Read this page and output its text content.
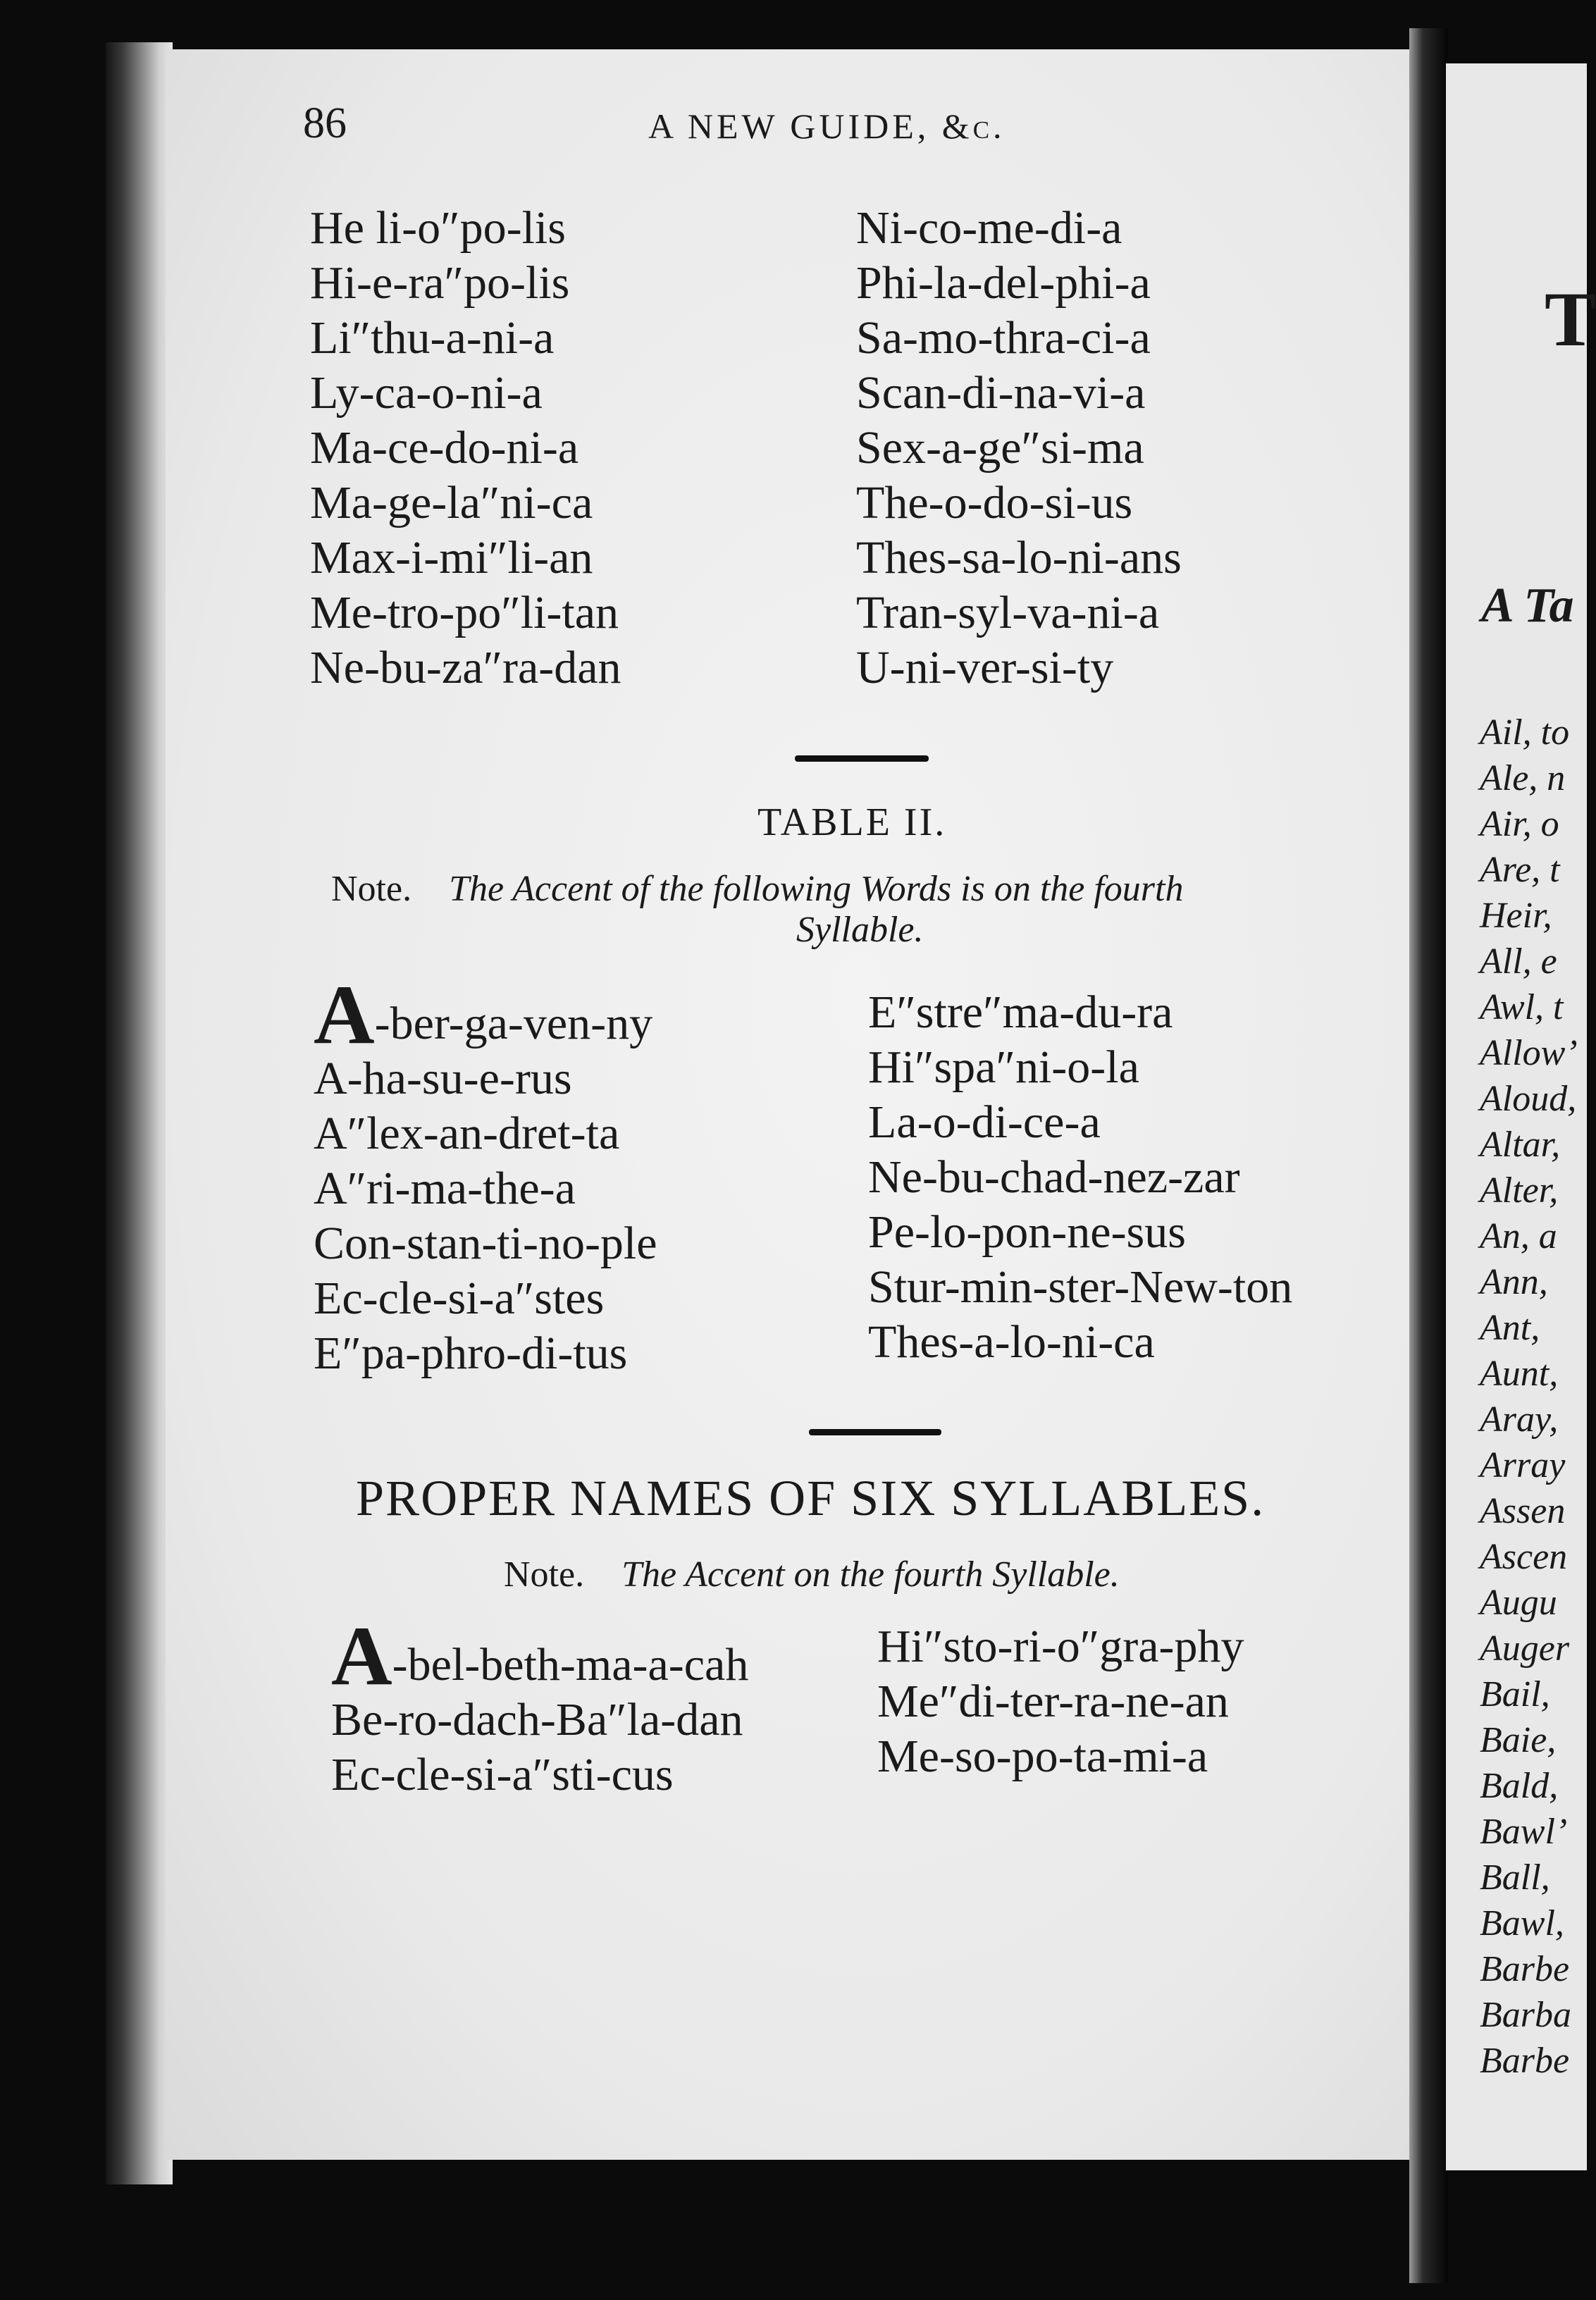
T
A Ta
Ail, to
Ale, n
Air, o
Are, t
Heir,
All, e
Awl, t
Allow’
Aloud,
Altar,
Alter,
An, a
Ann,
Ant,
Aunt,
Aray,
Array
Assen
Ascen
Augu
Auger
Bail,
Baie,
Bald,
Bawl’
Ball,
Bawl,
Barbe
Barba
Barbe
86	A NEW GUIDE, &c.
He li-o″po-lis
Hi-e-ra″po-lis
Li″thu-a-ni-a
Ly-ca-o-ni-a
Ma-ce-do-ni-a
Ma-ge-la″ni-ca
Max-i-mi″li-an
Me-tro-po″li-tan
Ne-bu-za″ra-dan
Ni-co-me-di-a
Phi-la-del-phi-a
Sa-mo-thra-ci-a
Scan-di-na-vi-a
Sex-a-ge″si-ma
The-o-do-si-us
Thes-sa-lo-ni-ans
Tran-syl-va-ni-a
U-ni-ver-si-ty
TABLE II.
Note. The Accent of the following Words is on the fourth
Syllable.
A-ber-ga-ven-ny
A-ha-su-e-rus
A″lex-an-dret-ta
A″ri-ma-the-a
Con-stan-ti-no-ple
Ec-cle-si-a″stes
E″pa-phro-di-tus
E″stre″ma-du-ra
Hi″spa″ni-o-la
La-o-di-ce-a
Ne-bu-chad-nez-zar
Pe-lo-pon-ne-sus
Stur-min-ster-New-ton
Thes-a-lo-ni-ca
PROPER NAMES OF SIX SYLLABLES.
Note. The Accent on the fourth Syllable.
A-bel-beth-ma-a-cah
Be-ro-dach-Ba″la-dan
Ec-cle-si-a″sti-cus
Hi″sto-ri-o″gra-phy
Me″di-ter-ra-ne-an
Me-so-po-ta-mi-a
